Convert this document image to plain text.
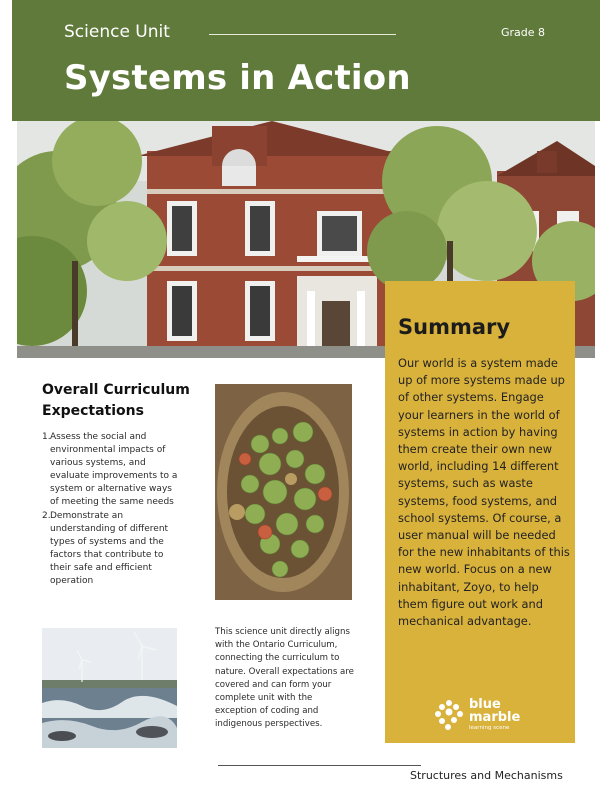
Science Unit	Grade 8
Systems in Action
Overall Curriculum Expectations
1. Assess the social and environmental impacts of various systems, and evaluate improvements to a system or alternative ways of meeting the same needs
2. Demonstrate an understanding of different types of systems and the factors that contribute to their safe and efficient operation
This science unit directly aligns with the Ontario Curriculum, connecting the curriculum to nature. Overall expectations are covered and can form your complete unit with the exception of coding and indigenous perspectives.
Summary
Our world is a system made up of more systems made up of other systems. Engage your learners in the world of systems in action by having them create their own new world, including 14 different systems, such as waste systems, food systems, and school systems. Of course, a user manual will be needed for the new inhabitants of this new world. Focus on a new inhabitant, Zoyo, to help them figure out work and mechanical advantage.
blue
marble
learning scene
Structures and Mechanisms
